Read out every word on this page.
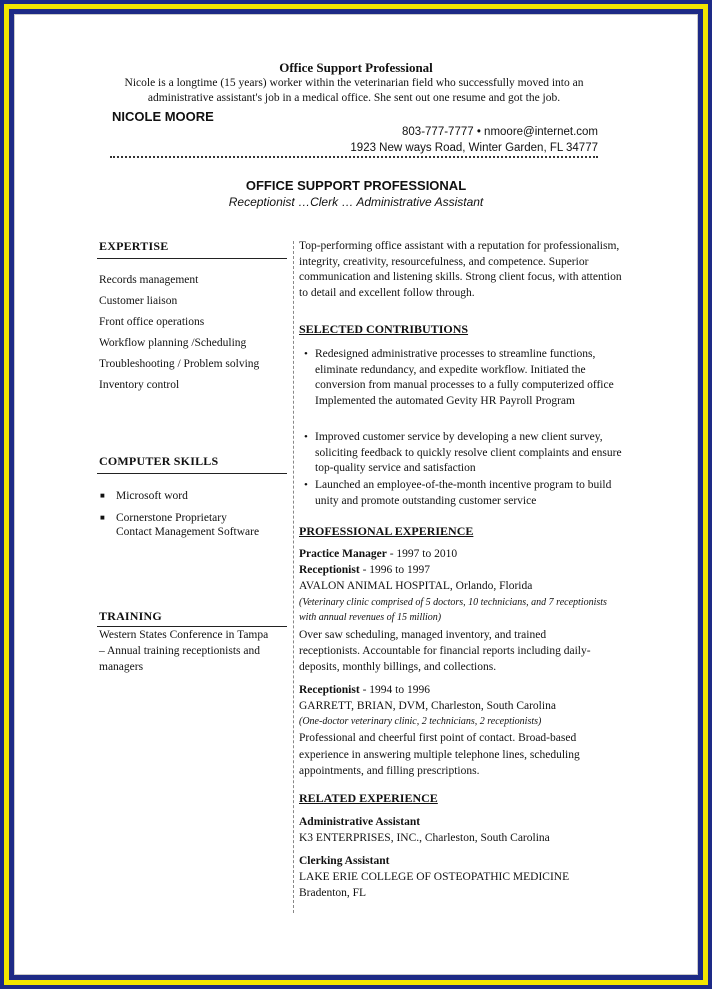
Office Support Professional
Nicole is a longtime (15 years) worker within the veterinarian field who successfully moved into an administrative assistant's job in a medical office. She sent out one resume and got the job.
NICOLE MOORE
803-777-7777 • nmoore@internet.com
1923 New ways Road, Winter Garden, FL 34777
OFFICE SUPPORT PROFESSIONAL
Receptionist …Clerk … Administrative Assistant
EXPERTISE
Records management
Customer liaison
Front office operations
Workflow planning /Scheduling
Troubleshooting / Problem solving
Inventory control
COMPUTER SKILLS
■ Microsoft word
■ Cornerstone Proprietary
Contact Management Software
TRAINING
Western States Conference in Tampa
– Annual training receptionists and
managers
Top-performing office assistant with a reputation for professionalism, integrity, creativity, resourcefulness, and competence. Superior communication and listening skills. Strong client focus, with attention to detail and excellent follow through.
SELECTED CONTRIBUTIONS
• Redesigned administrative processes to streamline functions, eliminate redundancy, and expedite workflow. Initiated the conversion from manual processes to a fully computerized office Implemented the automated Gevity HR Payroll Program
• Improved customer service by developing a new client survey, soliciting feedback to quickly resolve client complaints and ensure top-quality service and satisfaction
• Launched an employee-of-the-month incentive program to build unity and promote outstanding customer service
PROFESSIONAL EXPERIENCE
Practice Manager - 1997 to 2010
Receptionist - 1996 to 1997
AVALON ANIMAL HOSPITAL, Orlando, Florida
(Veterinary clinic comprised of 5 doctors, 10 technicians, and 7 receptionists
with annual revenues of 15 million)
Over saw scheduling, managed inventory, and trained
receptionists. Accountable for financial reports including daily-
deposits, monthly billings, and collections.
Receptionist - 1994 to 1996
GARRETT, BRIAN, DVM, Charleston, South Carolina
(One-doctor veterinary clinic, 2 technicians, 2 receptionists)
Professional and cheerful first point of contact. Broad-based
experience in answering multiple telephone lines, scheduling
appointments, and filling prescriptions.
RELATED EXPERIENCE
Administrative Assistant
K3 ENTERPRISES, INC., Charleston, South Carolina
Clerking Assistant
LAKE ERIE COLLEGE OF OSTEOPATHIC MEDICINE
Bradenton, FL
